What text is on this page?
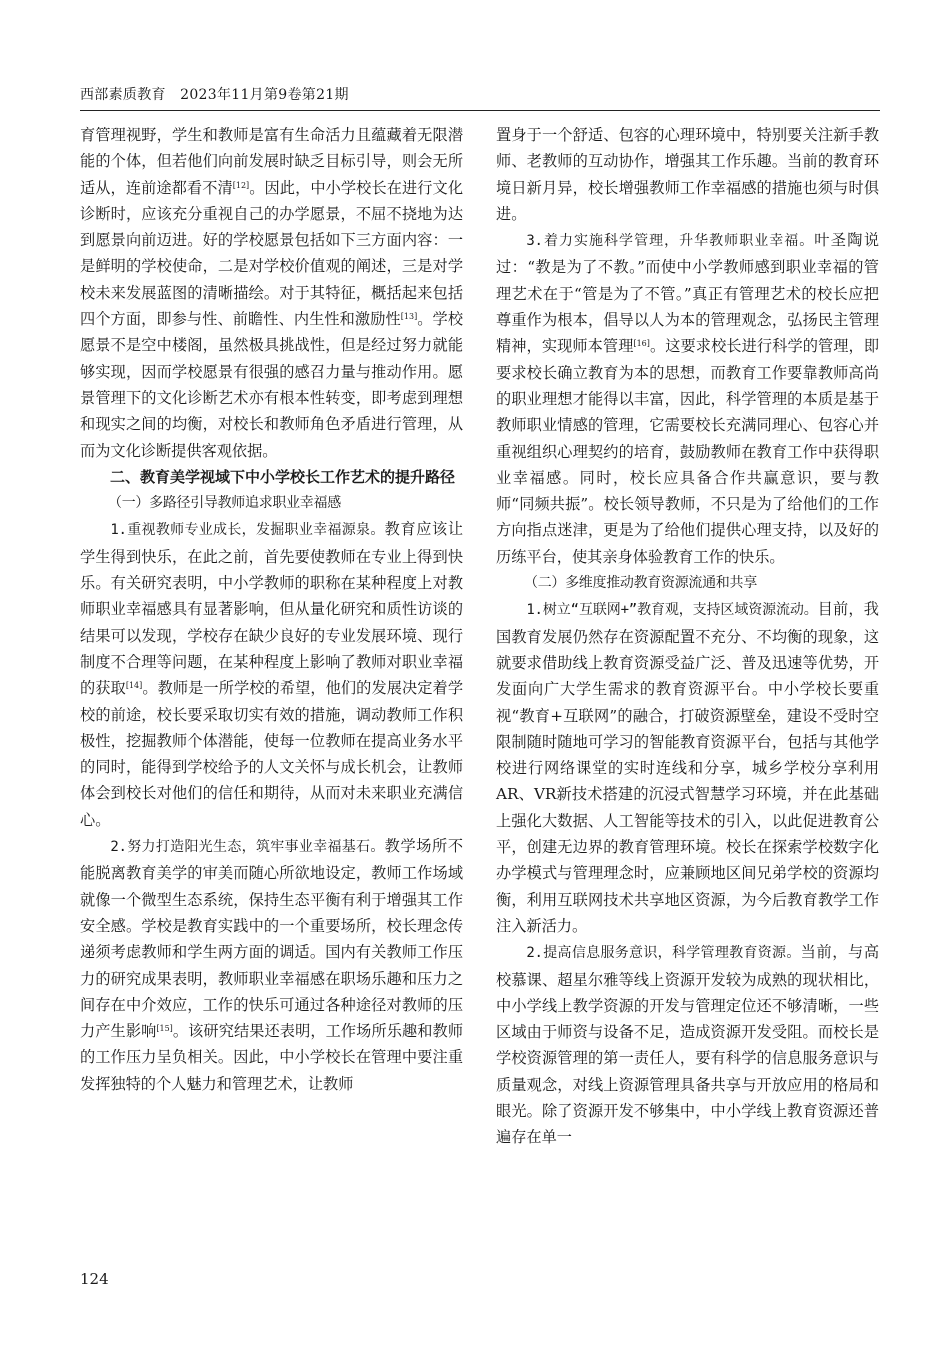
西部素质教育  2023年11月第9卷第21期

育管理视野，学生和教师是富有生命活力且蕴藏着无限潜能的个体，但若他们向前发展时缺乏目标引导，则会无所适从，连前途都看不清[12]。因此，中小学校长在进行文化诊断时，应该充分重视自己的办学愿景，不屈不挠地为达到愿景向前迈进。好的学校愿景包括如下三方面内容：一是鲜明的学校使命，二是对学校价值观的阐述，三是对学校未来发展蓝图的清晰描绘。对于其特征，概括起来包括四个方面，即参与性、前瞻性、内生性和激励性[13]。学校愿景不是空中楼阁，虽然极具挑战性，但是经过努力就能够实现，因而学校愿景有很强的感召力量与推动作用。愿景管理下的文化诊断艺术亦有根本性转变，即考虑到理想和现实之间的均衡，对校长和教师角色矛盾进行管理，从而为文化诊断提供客观依据。

二、教育美学视域下中小学校长工作艺术的提升路径

（一）多路径引导教师追求职业幸福感

1.重视教师专业成长，发掘职业幸福源泉。教育应该让学生得到快乐，在此之前，首先要使教师在专业上得到快乐。有关研究表明，中小学教师的职称在某种程度上对教师职业幸福感具有显著影响，但从量化研究和质性访谈的结果可以发现，学校存在缺少良好的专业发展环境、现行制度不合理等问题，在某种程度上影响了教师对职业幸福的获取[14]。教师是一所学校的希望，他们的发展决定着学校的前途，校长要采取切实有效的措施，调动教师工作积极性，挖掘教师个体潜能，使每一位教师在提高业务水平的同时，能得到学校给予的人文关怀与成长机会，让教师体会到校长对他们的信任和期待，从而对未来职业充满信心。

2.努力打造阳光生态，筑牢事业幸福基石。教学场所不能脱离教育美学的审美而随心所欲地设定，教师工作场域就像一个微型生态系统，保持生态平衡有利于增强其工作安全感。学校是教育实践中的一个重要场所，校长理念传递须考虑教师和学生两方面的调适。国内有关教师工作压力的研究成果表明，教师职业幸福感在职场乐趣和压力之间存在中介效应，工作的快乐可通过各种途径对教师的压力产生影响[15]。该研究结果还表明，工作场所乐趣和教师的工作压力呈负相关。因此，中小学校长在管理中要注重发挥独特的个人魅力和管理艺术，让教师

置身于一个舒适、包容的心理环境中，特别要关注新手教师、老教师的互动协作，增强其工作乐趣。当前的教育环境日新月异，校长增强教师工作幸福感的措施也须与时俱进。

3.着力实施科学管理，升华教师职业幸福。叶圣陶说过：“教是为了不教。”而使中小学教师感到职业幸福的管理艺术在于“管是为了不管。”真正有管理艺术的校长应把尊重作为根本，倡导以人为本的管理观念，弘扬民主管理精神，实现师本管理[16]。这要求校长进行科学的管理，即要求校长确立教育为本的思想，而教育工作要靠教师高尚的职业理想才能得以丰富，因此，科学管理的本质是基于教师职业情感的管理，它需要校长充满同理心、包容心并重视组织心理契约的培育，鼓励教师在教育工作中获得职业幸福感。同时，校长应具备合作共赢意识，要与教师“同频共振”。校长领导教师，不只是为了给他们的工作方向指点迷津，更是为了给他们提供心理支持，以及好的历练平台，使其亲身体验教育工作的快乐。

（二）多维度推动教育资源流通和共享

1.树立“互联网+”教育观，支持区域资源流动。目前，我国教育发展仍然存在资源配置不充分、不均衡的现象，这就要求借助线上教育资源受益广泛、普及迅速等优势，开发面向广大学生需求的教育资源平台。中小学校长要重视“教育+互联网”的融合，打破资源壁垒，建设不受时空限制随时随地可学习的智能教育资源平台，包括与其他学校进行网络课堂的实时连线和分享，城乡学校分享利用AR、VR新技术搭建的沉浸式智慧学习环境，并在此基础上强化大数据、人工智能等技术的引入，以此促进教育公平，创建无边界的教育管理环境。校长在探索学校数字化办学模式与管理理念时，应兼顾地区间兄弟学校的资源均衡，利用互联网技术共享地区资源，为今后教育教学工作注入新活力。

2.提高信息服务意识，科学管理教育资源。当前，与高校慕课、超星尔雅等线上资源开发较为成熟的现状相比，中小学线上教学资源的开发与管理定位还不够清晰，一些区域由于师资与设备不足，造成资源开发受阻。而校长是学校资源管理的第一责任人，要有科学的信息服务意识与质量观念，对线上资源管理具备共享与开放应用的格局和眼光。除了资源开发不够集中，中小学线上教育资源还普遍存在单一

124
